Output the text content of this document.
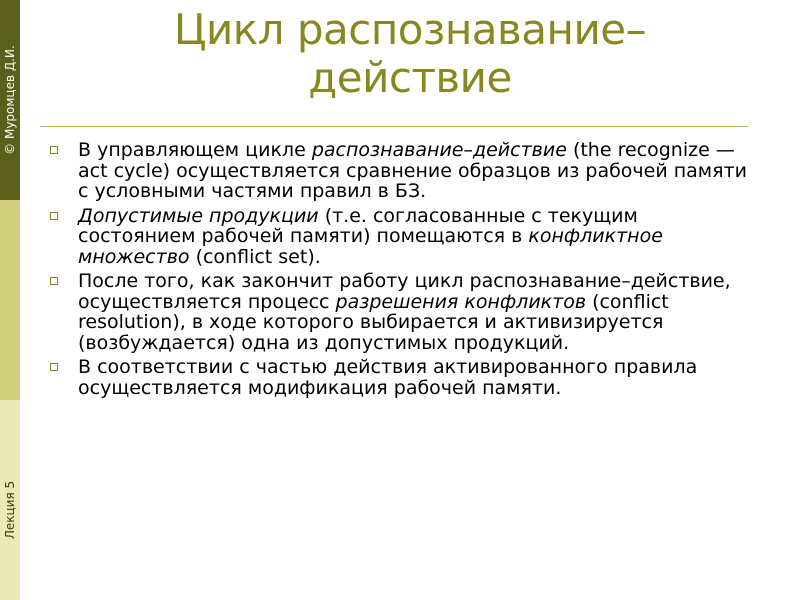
© Муромцев Д.И.
Лекция 5
Цикл распознавание–
действие
В управляющем цикле распознавание–действие (the recognize — act cycle) осуществляется сравнение образцов из рабочей памяти с условными частями правил в БЗ.
Допустимые продукции (т.е. согласованные с текущим состоянием рабочей памяти) помещаются в конфликтное множество (conflict set).
После того, как закончит работу цикл распознавание–действие, осуществляется процесс разрешения конфликтов (conflict resolution), в ходе которого выбирается и активизируется (возбуждается) одна из допустимых продукций.
В соответствии с частью действия активированного правила осуществляется модификация рабочей памяти.
